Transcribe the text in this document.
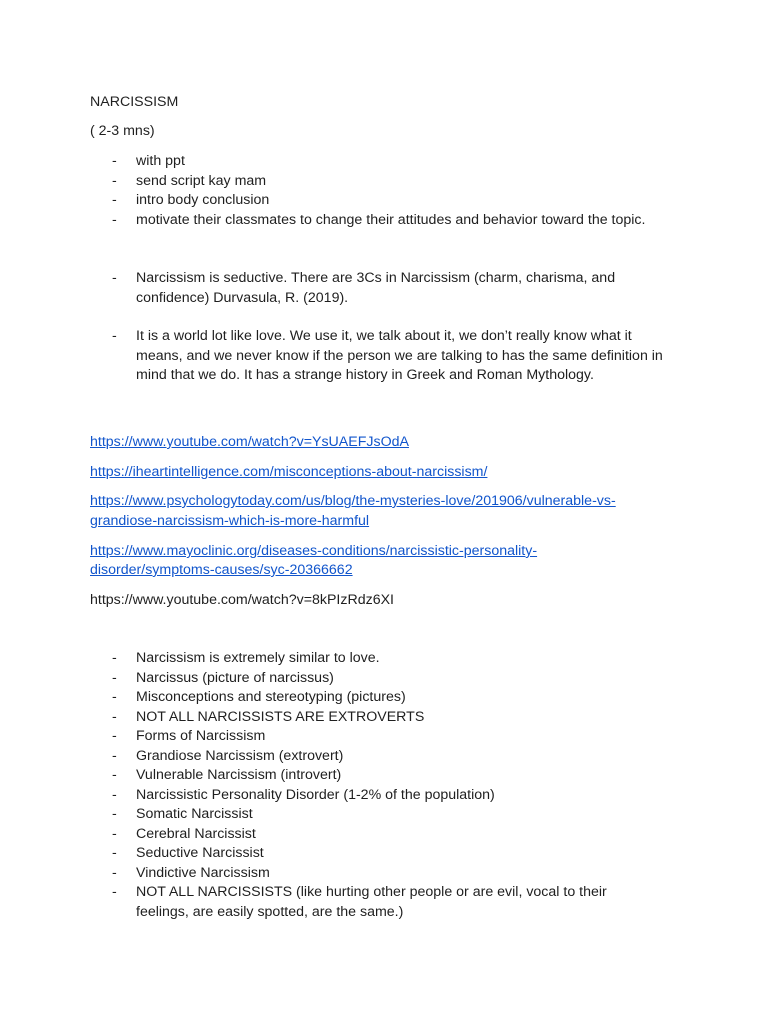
NARCISSISM
( 2-3 mns)
- with ppt
- send script kay mam
- intro body conclusion
- motivate their classmates to change their attitudes and behavior toward the topic.
- Narcissism is seductive. There are 3Cs in Narcissism (charm, charisma, and confidence) Durvasula, R. (2019).
- It is a world lot like love. We use it, we talk about it, we don’t really know what it means, and we never know if the person we are talking to has the same definition in mind that we do. It has a strange history in Greek and Roman Mythology.
https://www.youtube.com/watch?v=YsUAEFJsOdA
https://iheartintelligence.com/misconceptions-about-narcissism/
https://www.psychologytoday.com/us/blog/the-mysteries-love/201906/vulnerable-vs-
grandiose-narcissism-which-is-more-harmful
https://www.mayoclinic.org/diseases-conditions/narcissistic-personality-
disorder/symptoms-causes/syc-20366662
https://www.youtube.com/watch?v=8kPIzRdz6XI
- Narcissism is extremely similar to love.
- Narcissus (picture of narcissus)
- Misconceptions and stereotyping (pictures)
- NOT ALL NARCISSISTS ARE EXTROVERTS
- Forms of Narcissism
- Grandiose Narcissism (extrovert)
- Vulnerable Narcissism (introvert)
- Narcissistic Personality Disorder (1-2% of the population)
- Somatic Narcissist
- Cerebral Narcissist
- Seductive Narcissist
- Vindictive Narcissism
- NOT ALL NARCISSISTS (like hurting other people or are evil, vocal to their feelings, are easily spotted, are the same.)
